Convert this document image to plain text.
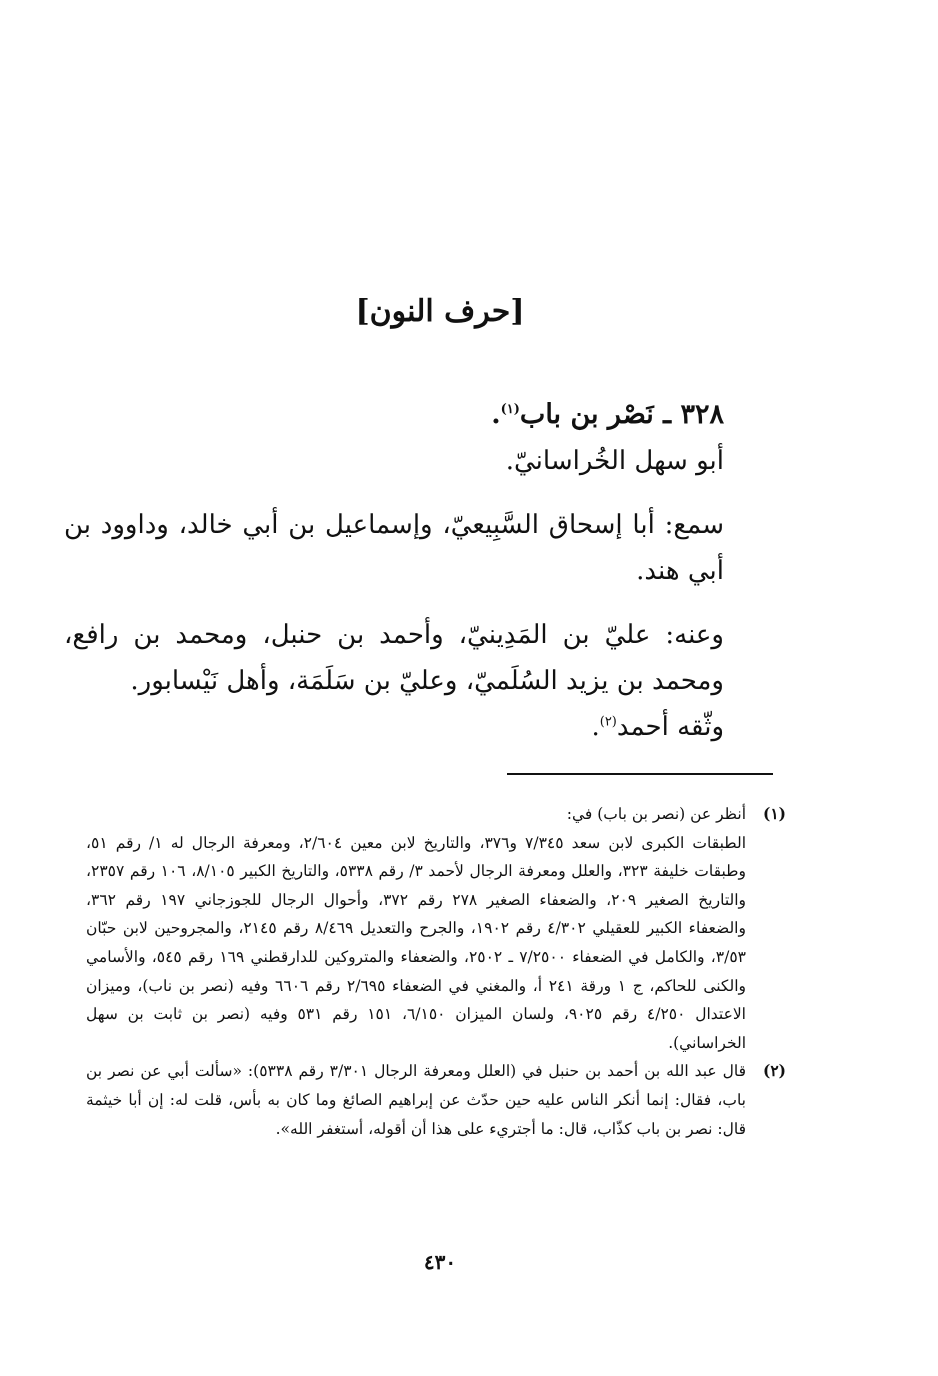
[حرف النون]
٣٢٨ ـ نَصْر بن باب$^{(١)}$.
أبو سهل الخُراسانيّ.
سمع: أبا إسحاق السَّبِيعيّ، وإسماعيل بن أبي خالد، وداوود بن أبي هند.
وعنه: عليّ بن المَدِينيّ، وأحمد بن حنبل، ومحمد بن رافع، ومحمد بن يزيد السُلَميّ، وعليّ بن سَلَمَة، وأهل نَيْسابور.
وثّقه أحمد$^{(٢)}$.
(١)
أنظر عن (نصر بن باب) في:
الطبقات الكبرى لابن سعد ٧/٣٤٥ و٣٧٦، والتاريخ لابن معين ٢/٦٠٤، ومعرفة الرجال له ١/ رقم ٥١، وطبقات خليفة ٣٢٣، والعلل ومعرفة الرجال لأحمد ٣/ رقم ٥٣٣٨، والتاريخ الكبير ٨/١٠٥، ١٠٦ رقم ٢٣٥٧، والتاريخ الصغير ٢٠٩، والضعفاء الصغير ٢٧٨ رقم ٣٧٢، وأحوال الرجال للجوزجاني ١٩٧ رقم ٣٦٢، والضعفاء الكبير للعقيلي ٤/٣٠٢ رقم ١٩٠٢، والجرح والتعديل ٨/٤٦٩ رقم ٢١٤٥، والمجروحين لابن حبّان ٣/٥٣، والكامل في الضعفاء ٧/٢٥٠٠ ـ ٢٥٠٢، والضعفاء والمتروكين للدارقطني ١٦٩ رقم ٥٤٥، والأسامي والكنى للحاكم، ج ١ ورقة ٢٤١ أ، والمغني في الضعفاء ٢/٦٩٥ رقم ٦٦٠٦ وفيه (نصر بن ناب)، وميزان الاعتدال ٤/٢٥٠ رقم ٩٠٢٥، ولسان الميزان ٦/١٥٠، ١٥١ رقم ٥٣١ وفيه (نصر بن ثابت بن سهل الخراساني).
(٢)
قال عبد الله بن أحمد بن حنبل في (العلل ومعرفة الرجال ٣/٣٠١ رقم ٥٣٣٨): «سألت أبي عن نصر بن باب، فقال: إنما أنكر الناس عليه حين حدّث عن إبراهيم الصائغ وما كان به بأس، قلت له: إن أبا خيثمة قال: نصر بن باب كذّاب، قال: ما أجتريء على هذا أن أقوله، أستغفر الله».
٤٣٠
